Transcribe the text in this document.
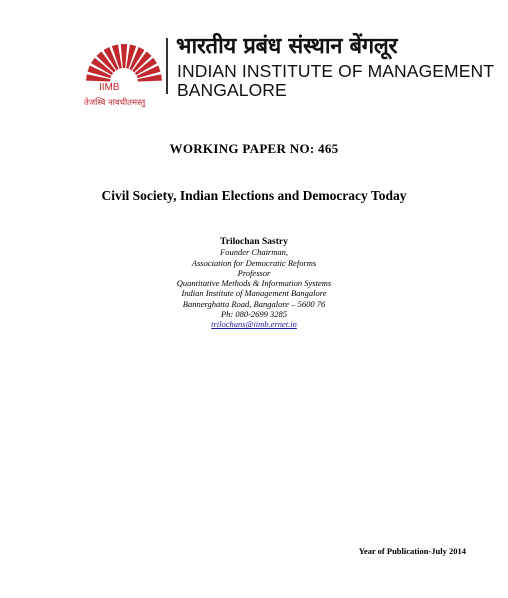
IIMB
भारतीय प्रबंध संस्थान बेंगलूर
INDIAN INSTITUTE OF MANAGEMENT
BANGALORE
तेजस्वि नावधीतमस्तु
WORKING PAPER NO: 465
Civil Society, Indian Elections and Democracy Today
Trilochan Sastry
Founder Chairman,
Association for Democratic Reforms
Professor
Quantitative Methods & Information Systems
Indian Institute of Management Bangalore
Bannerghatta Road, Bangalore – 5600 76
Ph: 080-2699 3285
trilochans@iimb.ernet.in
Year of Publication-July 2014
